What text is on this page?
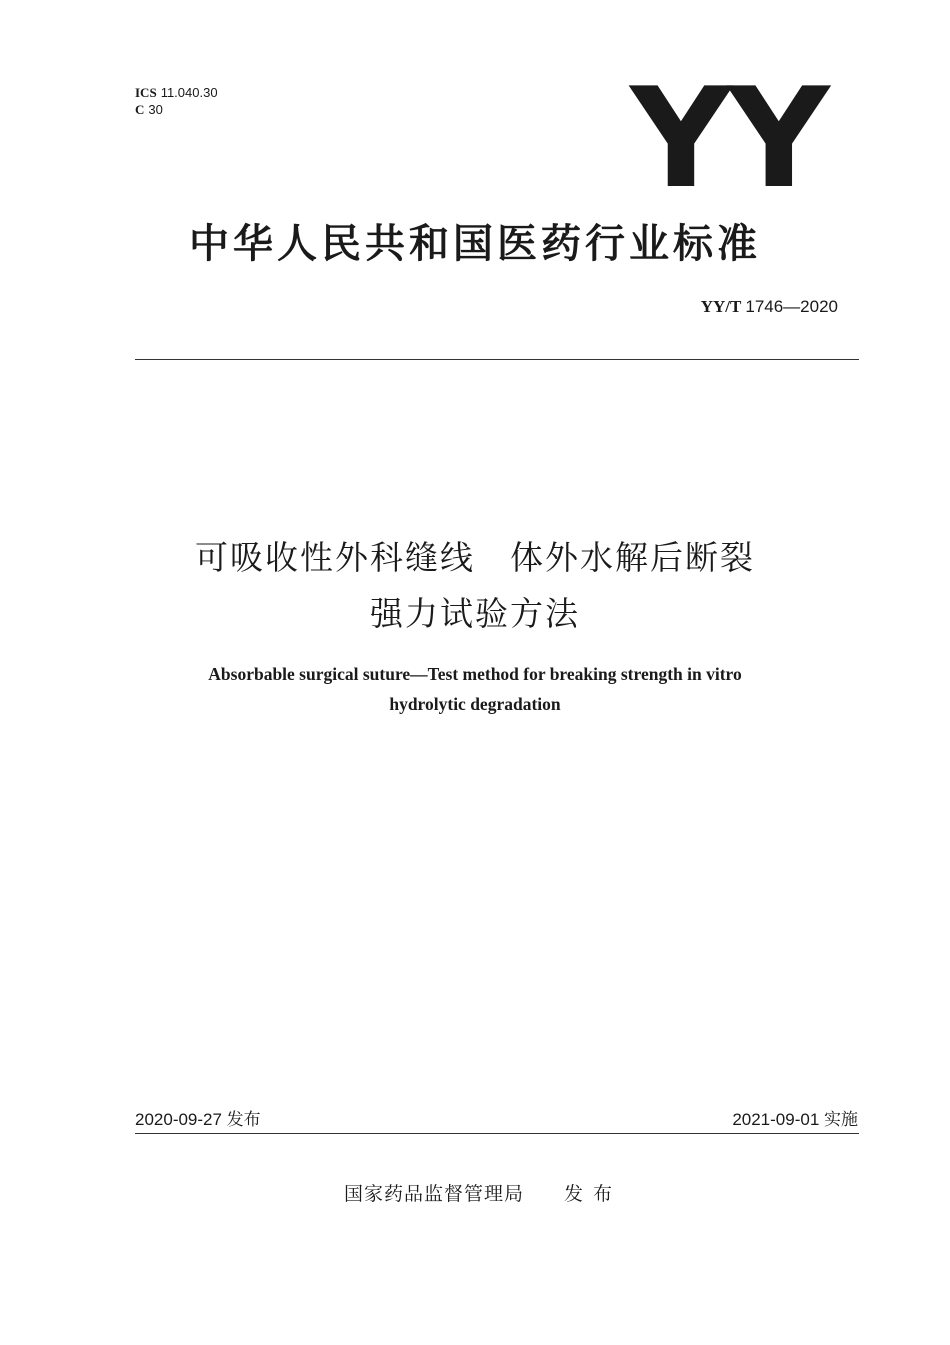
ICS 11.040.30
C 30	YY
中华人民共和国医药行业标准
YY/T 1746—2020
可吸收性外科缝线　体外水解后断裂
强力试验方法
Absorbable surgical suture—Test method for breaking strength in vitro
hydrolytic degradation
2020-09-27 发布	2021-09-01 实施
国家药品监督管理局 发布
